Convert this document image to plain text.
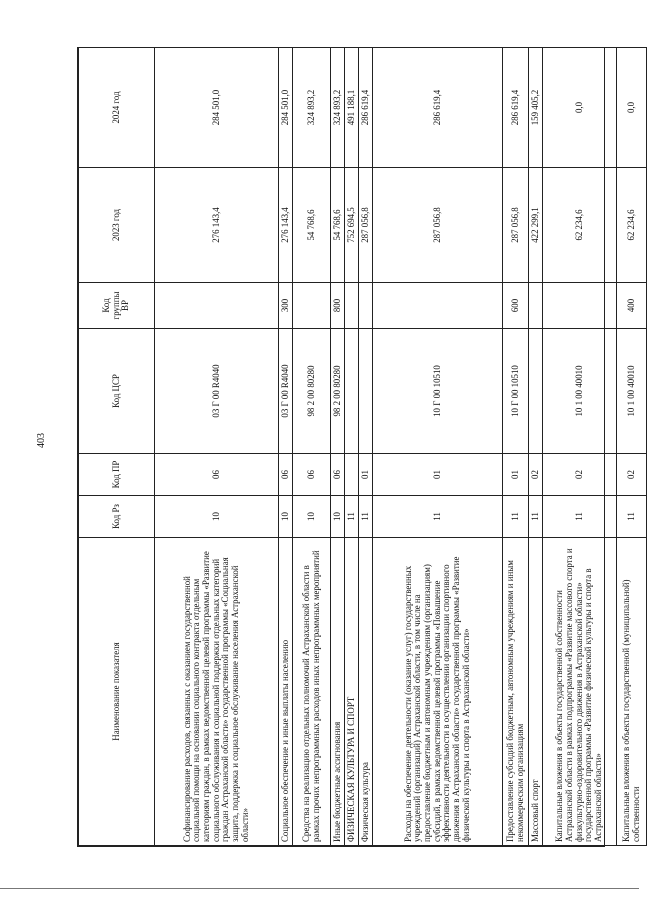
403
Наименование показателя	Код Рз	Код ПР	Код ЦСР	Код группы ВР	2023 год	2024 год
Софинансирование расходов, связанных с оказанием государственной социальной помощи на основании социального контракта отдельным категориям граждан, в рамках ведомственной целевой программы «Развитие социального обслуживания и социальной поддержки отдельных категорий граждан Астраханской области» государственной программы «Социальная защита, поддержка и социальное обслуживание населения Астраханской области»	10	06	03 Г 00 R4040		276 143,4	284 501,0
Социальное обеспечение и иные выплаты населению	10	06	03 Г 00 R4040	300	276 143,4	284 501,0
Средства на реализацию отдельных полномочий Астраханской области в рамках прочих непрограммных расходов иных непрограммных мероприятий	10	06	98 2 00 80280		54 768,6	324 893,2
Иные бюджетные ассигнования	10	06	98 2 00 80280	800	54 768,6	324 893,2
ФИЗИЧЕСКАЯ КУЛЬТУРА И СПОРТ	11				752 694,5	491 188,1
Физическая культура	11	01			287 056,8	286 619,4
Расходы на обеспечение деятельности (оказание услуг) государственных учреждений (организаций) Астраханской области, в том числе на предоставление бюджетным и автономным учреждениям (организациям) субсидий, в рамках ведомственной целевой программы «Повышение эффективности деятельности в осуществлении организации спортивного движения в Астраханской области» государственной программы «Развитие физической культуры и спорта в Астраханской области»	11	01	10 Г 00 10510		287 056,8	286 619,4
Предоставление субсидий бюджетным, автономным учреждениям и иным некоммерческим организациям	11	01	10 Г 00 10510	600	287 056,8	286 619,4
Массовый спорт	11	02			422 299,1	159 405,2
Капитальные вложения в объекты государственной собственности Астраханской области в рамках подпрограммы «Развитие массового спорта и физкультурно-оздоровительного движения в Астраханской области» государственной программы «Развитие физической культуры и спорта в Астраханской области»	11	02	10 1 00 40010		62 234,6	0,0
Капитальные вложения в объекты государственной (муниципальной) собственности	11	02	10 1 00 40010	400	62 234,6	0,0
